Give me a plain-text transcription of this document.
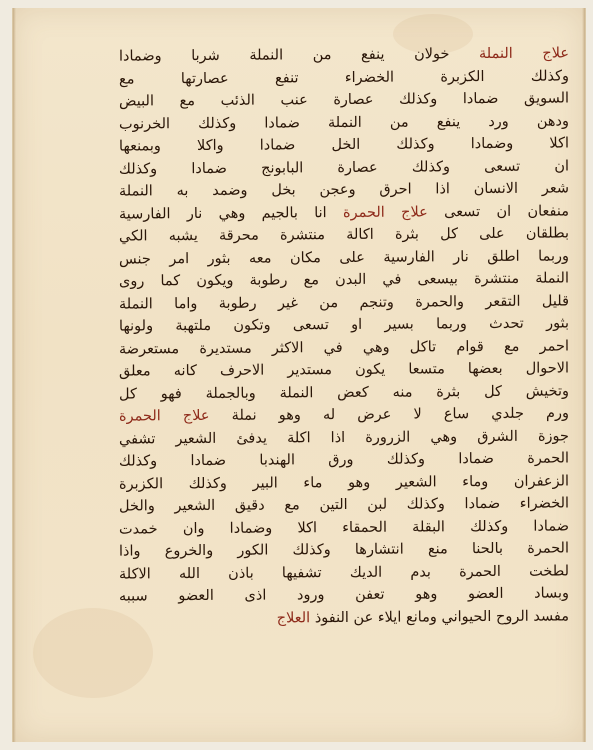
علاج النملة خولان ينفع من النملة شربا وضمادا
وكذلك الكزبرة الخضراء تنفع عصارتها مع
السويق ضمادا وكذلك عصارة عنب الذئب مع البيض
ودهن ورد ينفع من النملة ضمادا وكذلك الخرنوب
اكلا وضمادا وكذلك الخل ضمادا واكلا وبمنعها
ان تسعى وكذلك عصارة البابونج ضمادا وكذلك
شعر الانسان اذا احرق وعجن بخل وضمد به النملة
منفعان ان تسعى علاج الحمرة انا بالجيم وهي نار الفارسية
بطلقان على كل بثرة اكالة منتشرة محرقة يشبه الكي
وربما اطلق نار الفارسية على مكان معه بثور امر جنس
النملة منتشرة بيسعى في البدن مع رطوبة ويكون كما روى
قليل التقعر والحمرة وتنجم من غير رطوبة واما النملة
بثور تحدث وربما بسير او تسعى وتكون ملتهبة ولونها
احمر مع قوام تاكل وهي في الاكثر مستديرة مستعرضة
الاحوال بعضها متسعا يكون مستدير الاحرف كانه معلق
وتخيش كل بثرة منه كعض النملة وبالجملة فهو كل
ورم جلدي ساع لا عرض له وهو نملة علاج الحمرة
جوزة الشرق وهي الزرورة اذا اكلة يدفئ الشعير تشفي
الحمرة ضمادا وكذلك ورق الهندبا ضمادا وكذلك
الزعفران وماء الشعير وهو ماء البير وكذلك الكزبرة
الخضراء ضمادا وكذلك لبن التين مع دقيق الشعير والخل
ضمادا وكذلك البقلة الحمقاء اكلا وضمادا وان خمدت
الحمرة بالحنا منع انتشارها وكذلك الكور والخروع واذا
لطخت الحمرة بدم الديك تشفيها باذن الله الاكلة
وبساد العضو وهو تعفن ورود اذى العضو سببه
مفسد الروح الحيواني ومانع ايلاء عن النفوذ العلاج
